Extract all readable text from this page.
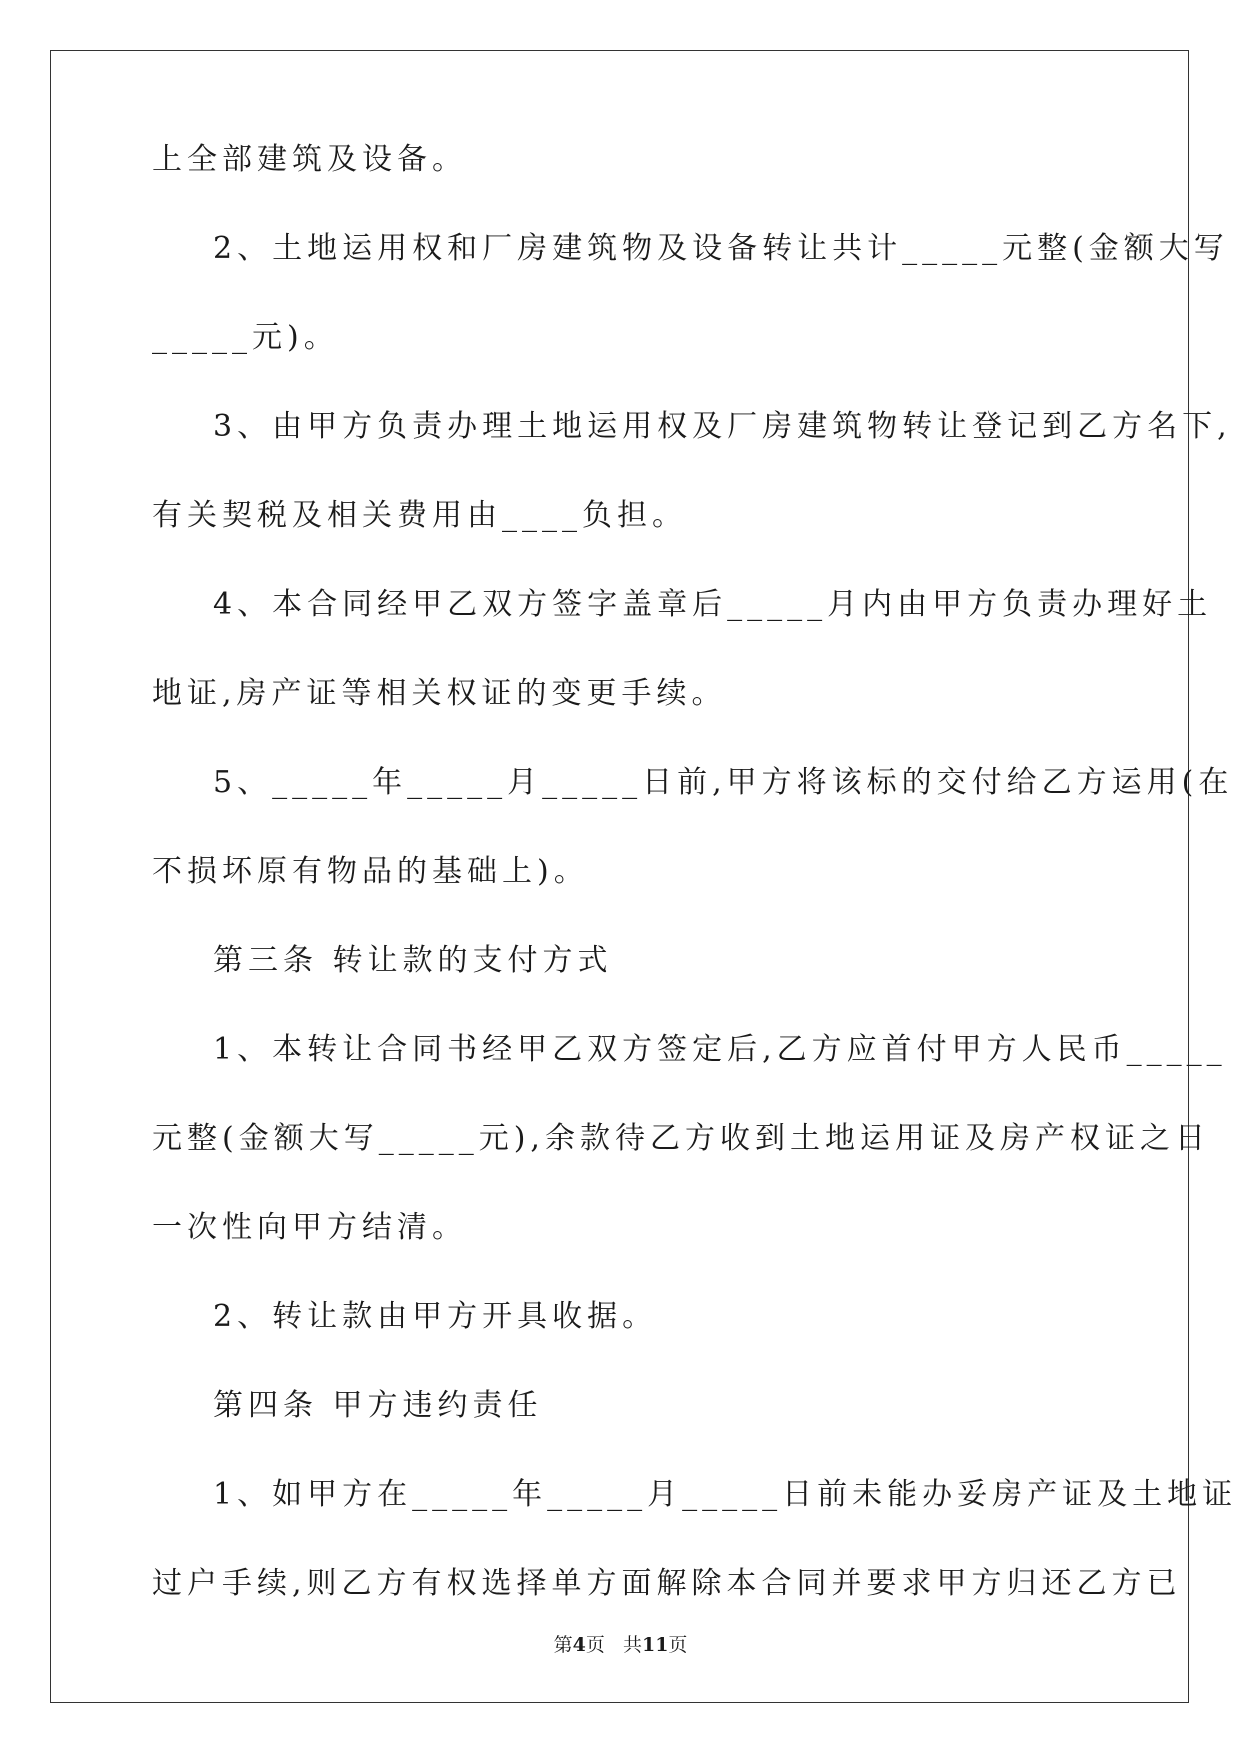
上全部建筑及设备。
2、土地运用权和厂房建筑物及设备转让共计_____元整(金额大写
_____元)。
3、由甲方负责办理土地运用权及厂房建筑物转让登记到乙方名下,
有关契税及相关费用由____负担。
4、本合同经甲乙双方签字盖章后_____月内由甲方负责办理好土
地证,房产证等相关权证的变更手续。
5、_____年_____月_____日前,甲方将该标的交付给乙方运用(在
不损坏原有物品的基础上)。
第三条 转让款的支付方式
1、本转让合同书经甲乙双方签定后,乙方应首付甲方人民币_____
元整(金额大写_____元),余款待乙方收到土地运用证及房产权证之日
一次性向甲方结清。
2、转让款由甲方开具收据。
第四条 甲方违约责任
1、如甲方在_____年_____月_____日前未能办妥房产证及土地证
过户手续,则乙方有权选择单方面解除本合同并要求甲方归还乙方已
第4页 共11页
